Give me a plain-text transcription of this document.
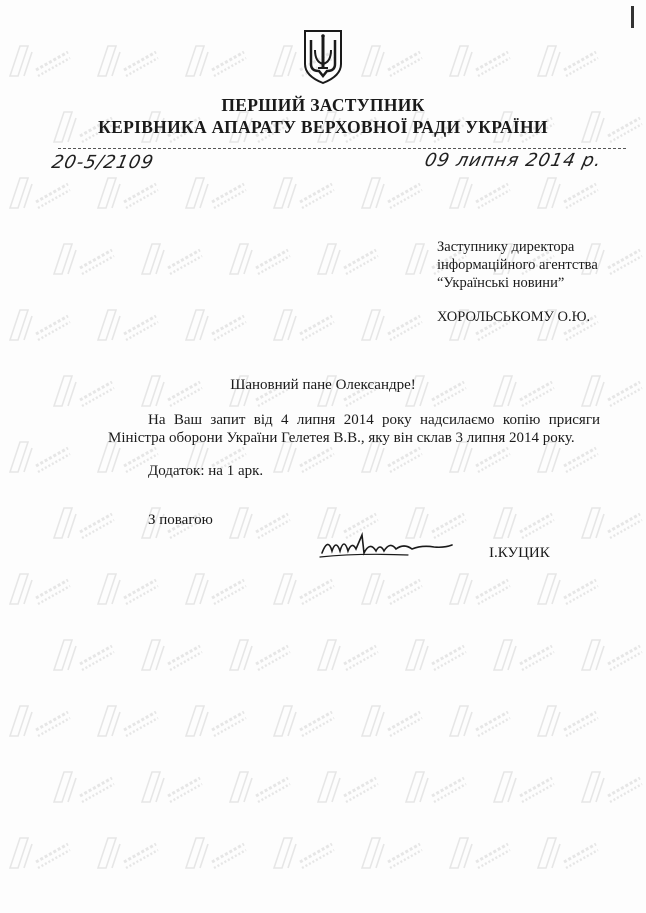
ПЕРШИЙ ЗАСТУПНИК
КЕРІВНИКА АПАРАТУ ВЕРХОВНОЇ РАДИ УКРАЇНИ
20-5/2109	09 липня 2014 р.
Заступнику директора
інформаційного агентства
“Українські новини”
ХОРОЛЬСЬКОМУ О.Ю.
Шановний пане Олександре!
На Ваш запит від 4 липня 2014 року надсилаємо копію присяги
Міністра оборони України Гелетея В.В., яку він склав 3 липня 2014 року.
Додаток: на 1 арк.
З повагою
І.КУЦИК
